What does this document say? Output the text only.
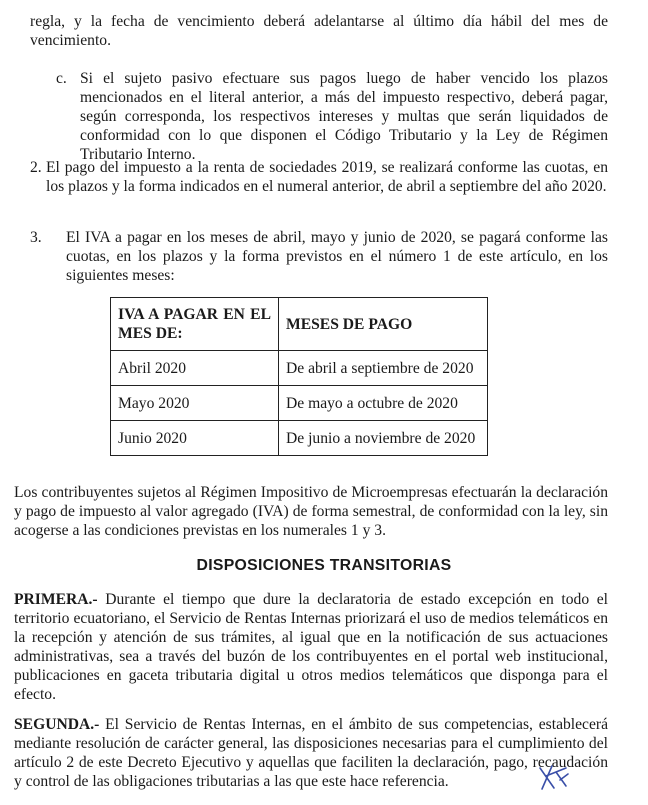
regla, y la fecha de vencimiento deberá adelantarse al último día hábil del mes de vencimiento.

c. Si el sujeto pasivo efectuare sus pagos luego de haber vencido los plazos mencionados en el literal anterior, a más del impuesto respectivo, deberá pagar, según corresponda, los respectivos intereses y multas que serán liquidados de conformidad con lo que disponen el Código Tributario y la Ley de Régimen Tributario Interno.

2. El pago del impuesto a la renta de sociedades 2019, se realizará conforme las cuotas, en los plazos y la forma indicados en el numeral anterior, de abril a septiembre del año 2020.

3. El IVA a pagar en los meses de abril, mayo y junio de 2020, se pagará conforme las cuotas, en los plazos y la forma previstos en el número 1 de este artículo, en los siguientes meses:

IVA A PAGAR EN EL MES DE:	MESES DE PAGO
Abril 2020	De abril a septiembre de 2020
Mayo 2020	De mayo a octubre de 2020
Junio 2020	De junio a noviembre de 2020

Los contribuyentes sujetos al Régimen Impositivo de Microempresas efectuarán la declaración y pago de impuesto al valor agregado (IVA) de forma semestral, de conformidad con la ley, sin acogerse a las condiciones previstas en los numerales 1 y 3.

DISPOSICIONES TRANSITORIAS

PRIMERA.- Durante el tiempo que dure la declaratoria de estado excepción en todo el territorio ecuatoriano, el Servicio de Rentas Internas priorizará el uso de medios telemáticos en la recepción y atención de sus trámites, al igual que en la notificación de sus actuaciones administrativas, sea a través del buzón de los contribuyentes en el portal web institucional, publicaciones en gaceta tributaria digital u otros medios telemáticos que disponga para el efecto.

SEGUNDA.- El Servicio de Rentas Internas, en el ámbito de sus competencias, establecerá mediante resolución de carácter general, las disposiciones necesarias para el cumplimiento del artículo 2 de este Decreto Ejecutivo y aquellas que faciliten la declaración, pago, recaudación y control de las obligaciones tributarias a las que este hace referencia.
